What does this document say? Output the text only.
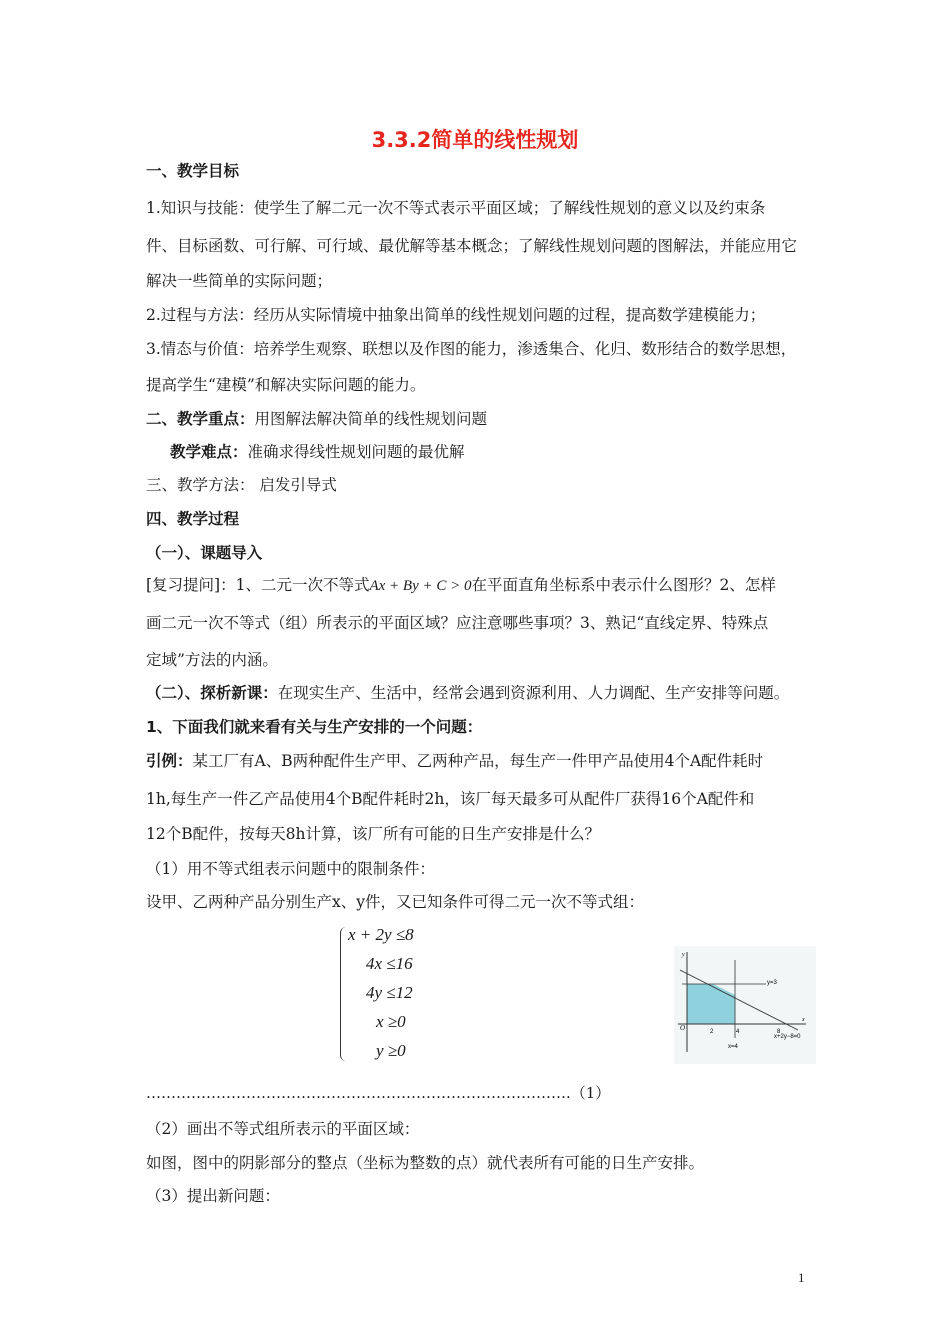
3.3.2简单的线性规划
一、教学目标
1.知识与技能：使学生了解二元一次不等式表示平面区域；了解线性规划的意义以及约束条
件、目标函数、可行解、可行域、最优解等基本概念；了解线性规划问题的图解法，并能应用它
解决一些简单的实际问题；
2.过程与方法：经历从实际情境中抽象出简单的线性规划问题的过程，提高数学建模能力；
3.情态与价值：培养学生观察、联想以及作图的能力，渗透集合、化归、数形结合的数学思想，
提高学生“建模”和解决实际问题的能力。
二、教学重点：用图解法解决简单的线性规划问题
教学难点：准确求得线性规划问题的最优解
三、教学方法： 启发引导式
四、教学过程
（一）、课题导入
[复习提问]：1、二元一次不等式Ax + By + C > 0在平面直角坐标系中表示什么图形？2、怎样
画二元一次不等式（组）所表示的平面区域？应注意哪些事项？3、熟记“直线定界、特殊点
定域”方法的内涵。
（二）、探析新课：在现实生产、生活中，经常会遇到资源利用、人力调配、生产安排等问题。
1、下面我们就来看有关与生产安排的一个问题：
引例：某工厂有A、B两种配件生产甲、乙两种产品，每生产一件甲产品使用4个A配件耗时
1h,每生产一件乙产品使用4个B配件耗时2h，该厂每天最多可从配件厂获得16个A配件和
12个B配件，按每天8h计算，该厂所有可能的日生产安排是什么？
（1）用不等式组表示问题中的限制条件：
设甲、乙两种产品分别生产x、y件，又已知条件可得二元一次不等式组：
x + 2y ≤8
4x ≤16
4y ≤12
x ≥0
y ≥0
y
x
O	2	4	8
y=3
x=4
x+2y−8=0
………………………………………………………………………….（1）
（2）画出不等式组所表示的平面区域：
如图，图中的阴影部分的整点（坐标为整数的点）就代表所有可能的日生产安排。
（3）提出新问题：
1
